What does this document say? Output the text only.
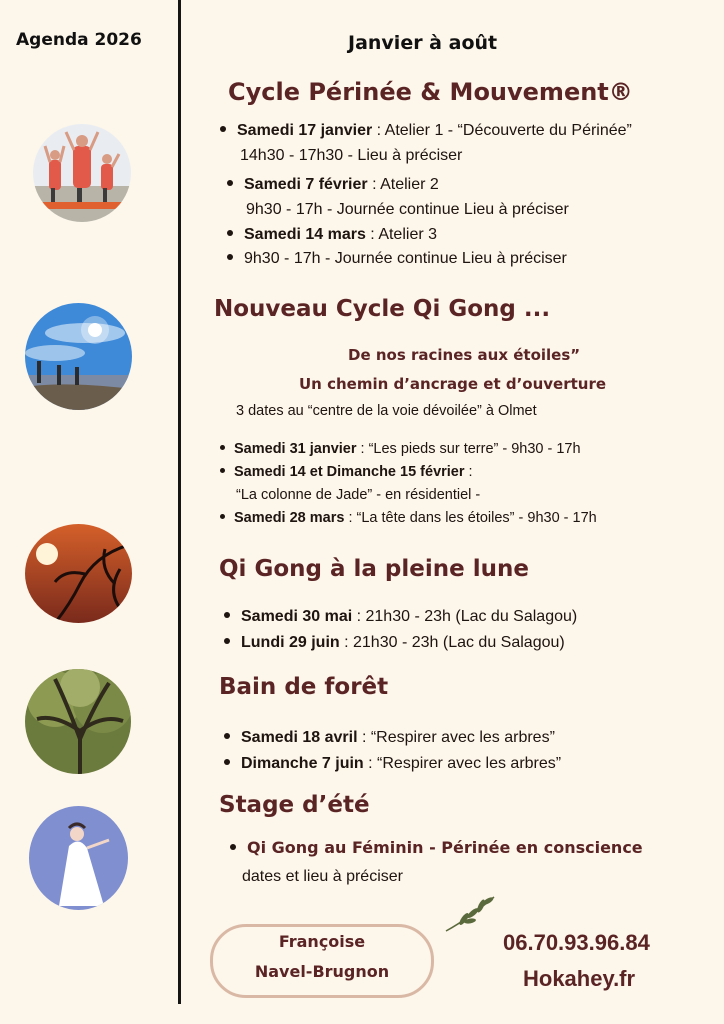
Agenda 2026	Janvier à août
Cycle Périnée & Mouvement®
Samedi 17 janvier : Atelier 1 - “Découverte du Périnée”
14h30 - 17h30 - Lieu à préciser
Samedi 7 février : Atelier 2
9h30 - 17h - Journée continue Lieu à préciser
Samedi 14 mars : Atelier 3
9h30 - 17h - Journée continue Lieu à préciser
Nouveau Cycle Qi Gong ...
De nos racines aux étoiles”
Un chemin d’ancrage et d’ouverture
3 dates au “centre de la voie dévoilée” à Olmet
Samedi 31 janvier : “Les pieds sur terre” - 9h30 - 17h
Samedi 14 et Dimanche 15 février :
“La colonne de Jade” - en résidentiel -
Samedi 28 mars : “La tête dans les étoiles” - 9h30 - 17h
Qi Gong à la pleine lune
Samedi 30 mai : 21h30 - 23h (Lac du Salagou)
Lundi 29 juin : 21h30 - 23h (Lac du Salagou)
Bain de forêt
Samedi 18 avril : “Respirer avec les arbres”
Dimanche 7 juin : “Respirer avec les arbres”
Stage d’été
Qi Gong au Féminin - Périnée en conscience
dates et lieu à préciser
Françoise
Navel-Brugnon
06.70.93.96.84
Hokahey.fr
